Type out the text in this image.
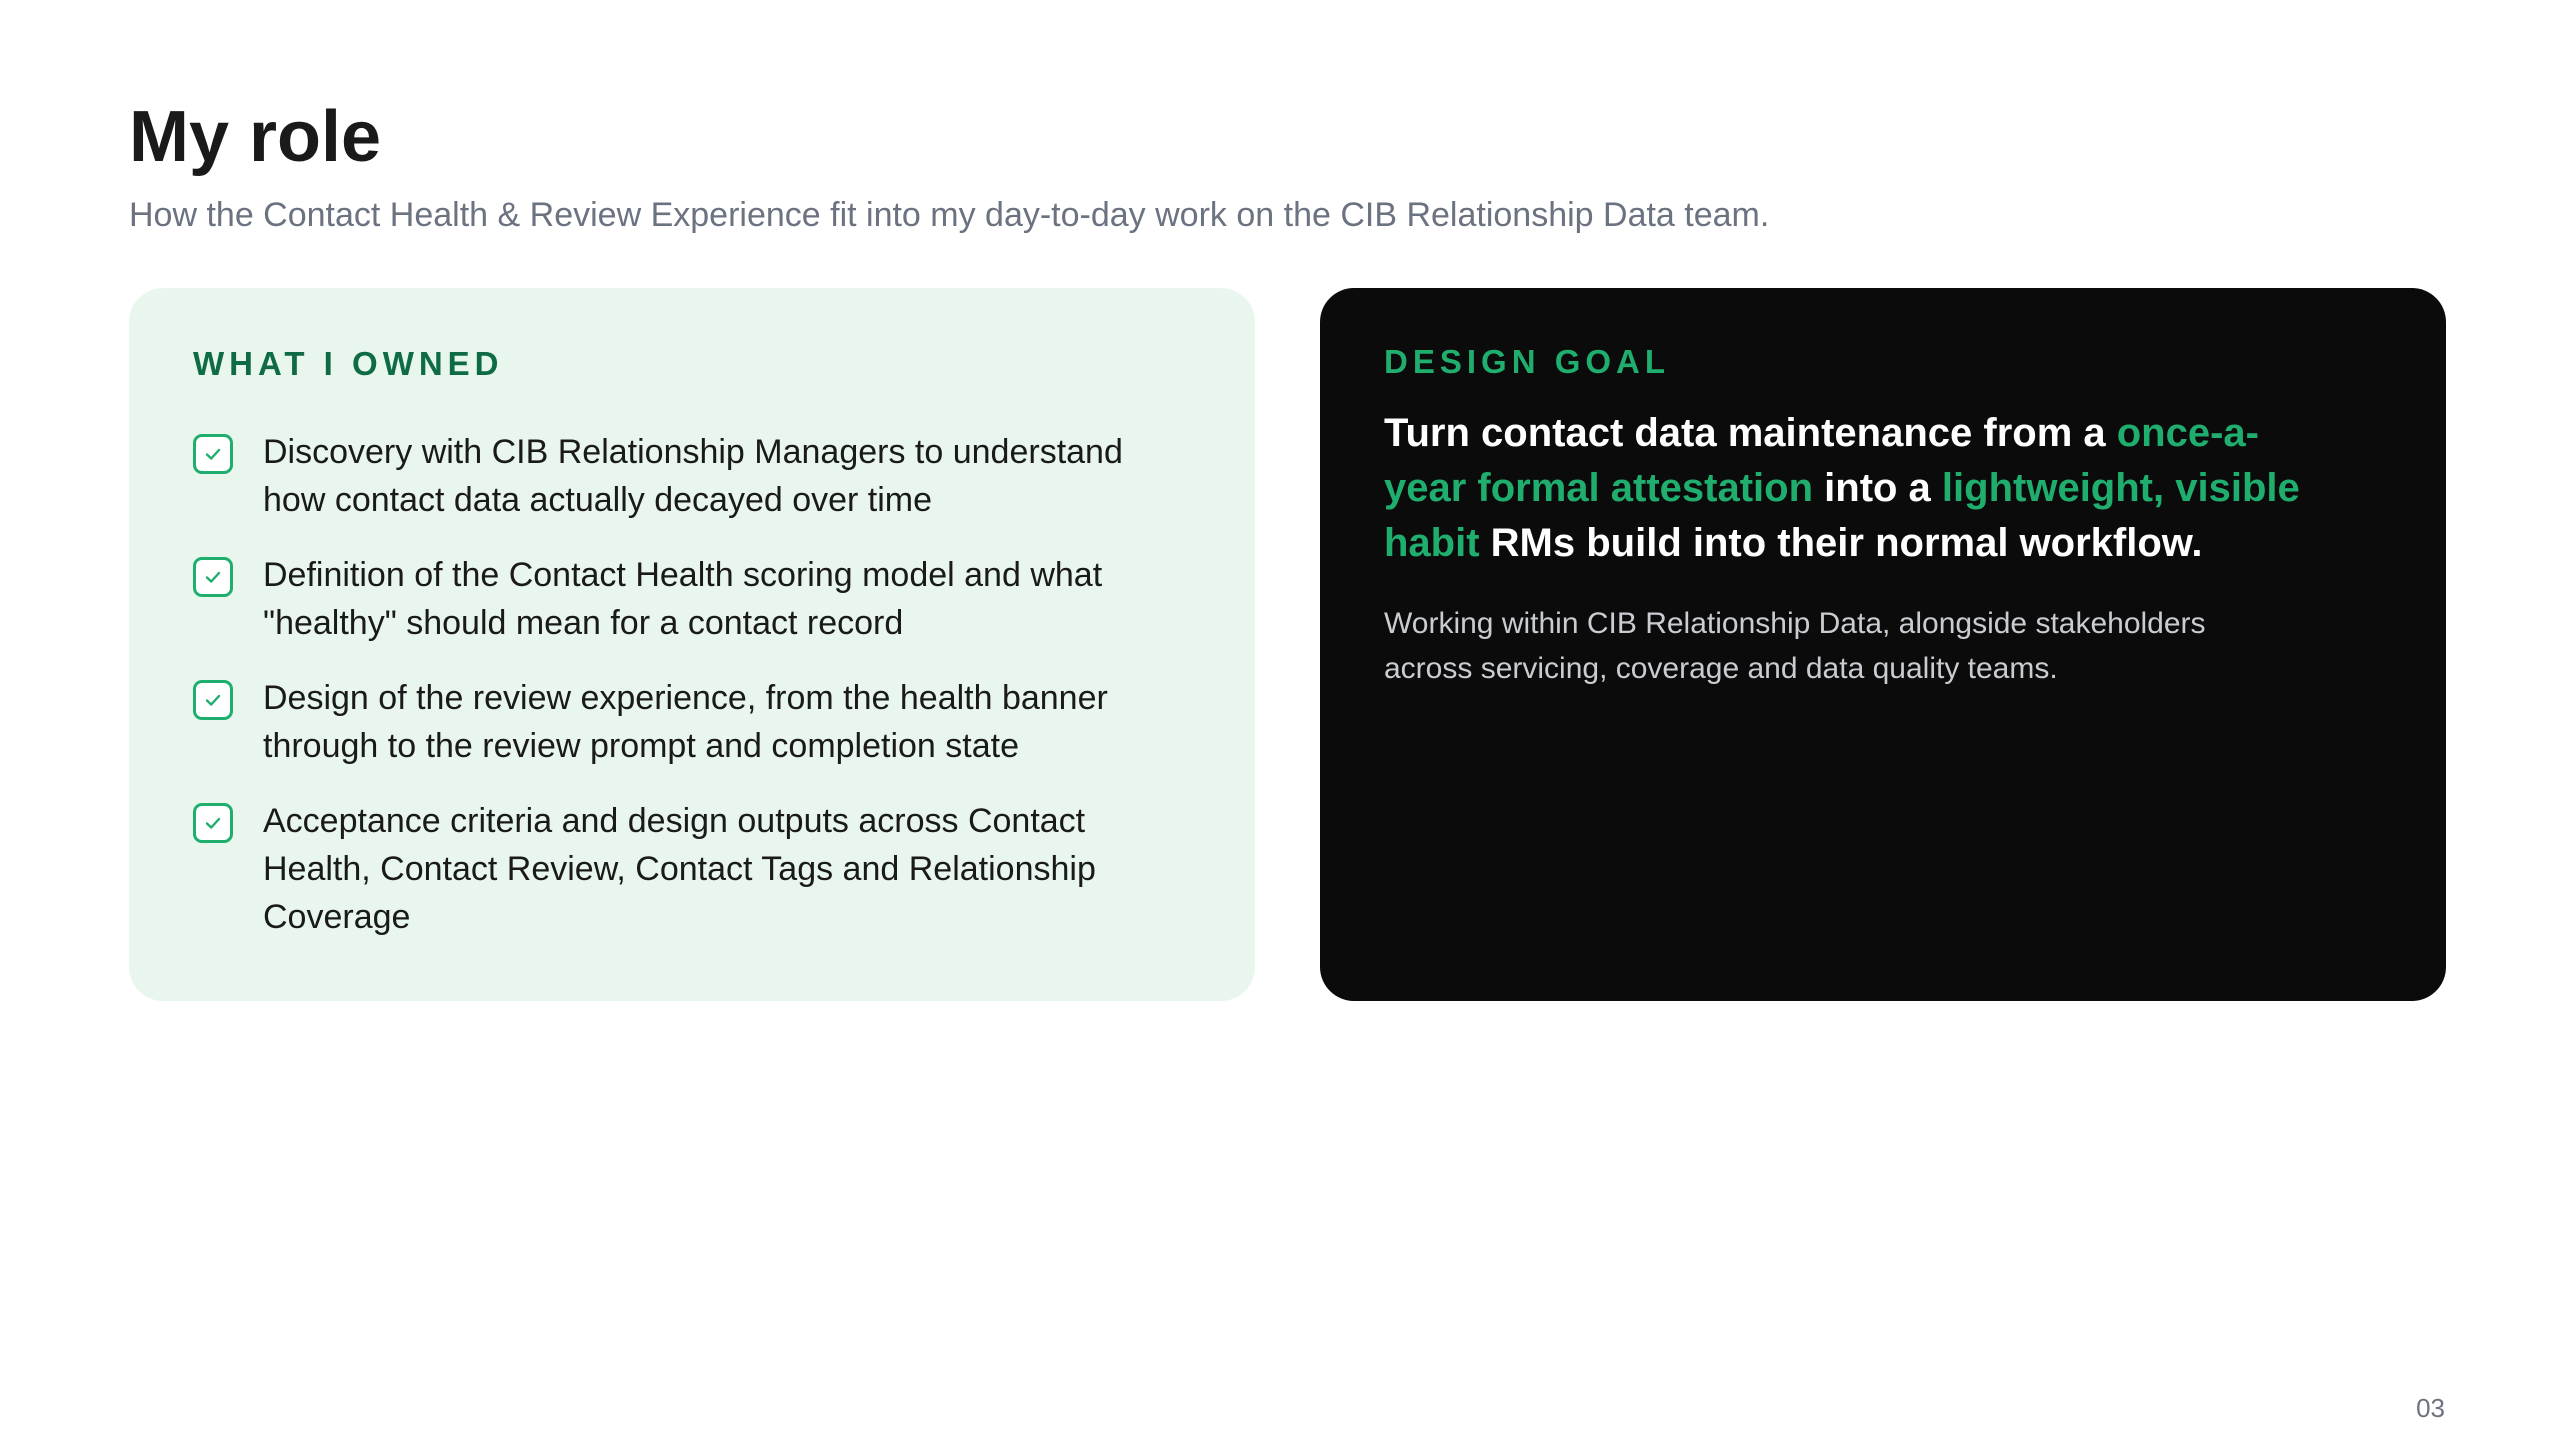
My role

How the Contact Health & Review Experience fit into my day-to-day work on the CIB Relationship Data team.

WHAT I OWNED
Discovery with CIB Relationship Managers to understand how contact data actually decayed over time
Definition of the Contact Health scoring model and what "healthy" should mean for a contact record
Design of the review experience, from the health banner through to the review prompt and completion state
Acceptance criteria and design outputs across Contact Health, Contact Review, Contact Tags and Relationship Coverage
DESIGN GOAL

Turn contact data maintenance from a once-a-year formal attestation into a lightweight, visible habit RMs build into their normal workflow.

Working within CIB Relationship Data, alongside stakeholders across servicing, coverage and data quality teams.

03
